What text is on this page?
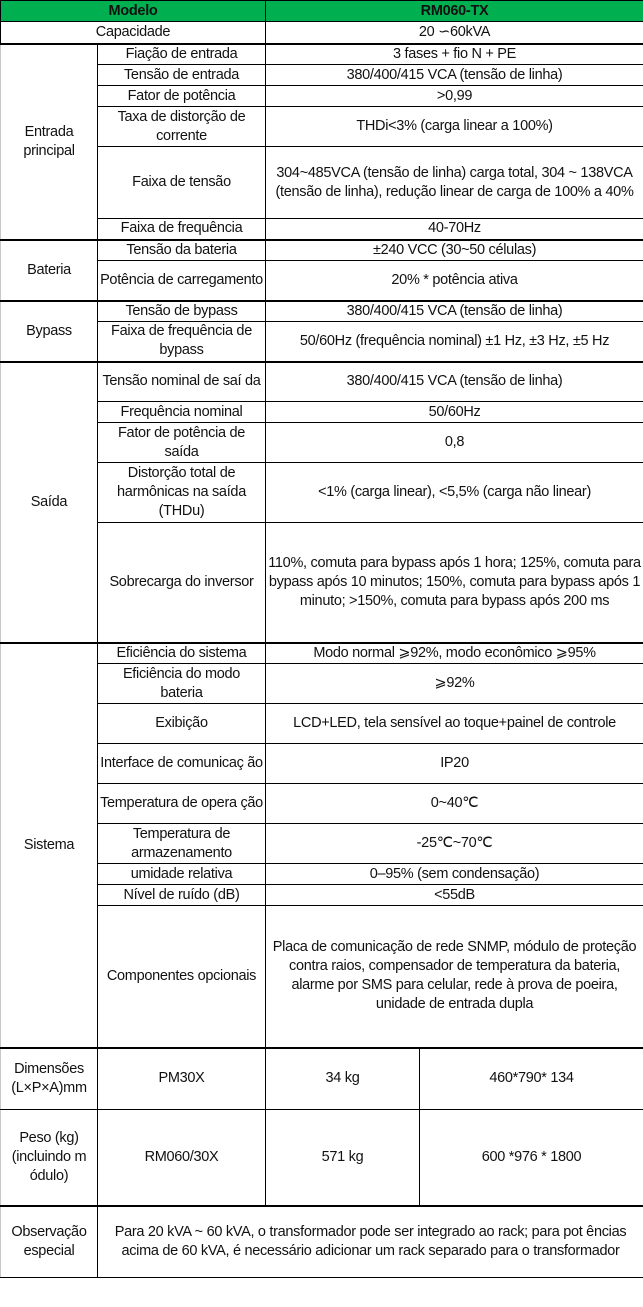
Modelo		RM060-TX	
Capacidade		20 ∽60kVA	
Entrada principal	Fiação de entrada	3 fases + fio N + PE	
	Tensão de entrada	380/400/415 VCA (tensão de linha)	
	Fator de potência	>0,99	
	Taxa de distorção de corrente	THDi<3% (carga linear a 100%)	
	Faixa de tensão	304~485VCA (tensão de linha) carga total, 304 ~ 138VCA (tensão de linha), redução linear de carga de 100% a 40%	
	Faixa de frequência	40-70Hz	
Bateria	Tensão da bateria	±240 VCC (30~50 células)	
	Potência de carregamento	20% * potência ativa	
Bypass	Tensão de bypass	380/400/415 VCA (tensão de linha)	
	Faixa de frequência de bypass	50/60Hz (frequência nominal) ±1 Hz, ±3 Hz, ±5 Hz	
Saída	Tensão nominal de saí da	380/400/415 VCA (tensão de linha)	
	Frequência nominal	50/60Hz	
	Fator de potência de saída	0,8	
	Distorção total de harmônicas na saída (THDu)	<1% (carga linear), <5,5% (carga não linear)	
	Sobrecarga do inversor	110%, comuta para bypass após 1 hora; 125%, comuta para bypass após 10 minutos; 150%, comuta para bypass após 1 minuto; >150%, comuta para bypass após 200 ms	
Sistema	Eficiência do sistema	Modo normal ⩾92%, modo econômico ⩾95%	
	Eficiência do modo bateria	⩾92%	
	Exibição	LCD+LED, tela sensível ao toque+painel de controle	
	Interface de comunicaç ão	IP20	
	Temperatura de opera ção	0~40℃	
	Temperatura de armazenamento	-25℃~70℃	
	umidade relativa	0–95% (sem condensação)	
	Nível de ruído (dB)	<55dB	
	Componentes opcionais	Placa de comunicação de rede SNMP, módulo de proteção contra raios, compensador de temperatura da bateria, alarme por SMS para celular, rede à prova de poeira, unidade de entrada dupla	
Dimensões (L×P×A)mm	PM30X	34 kg	460*790* 134
Peso (kg) (incluindo m ódulo)	RM060/30X	571 kg	600 *976 * 1800
Observação especial	Para 20 kVA ~ 60 kVA, o transformador pode ser integrado ao rack; para pot ências acima de 60 kVA, é necessário adicionar um rack separado para o transformador		
